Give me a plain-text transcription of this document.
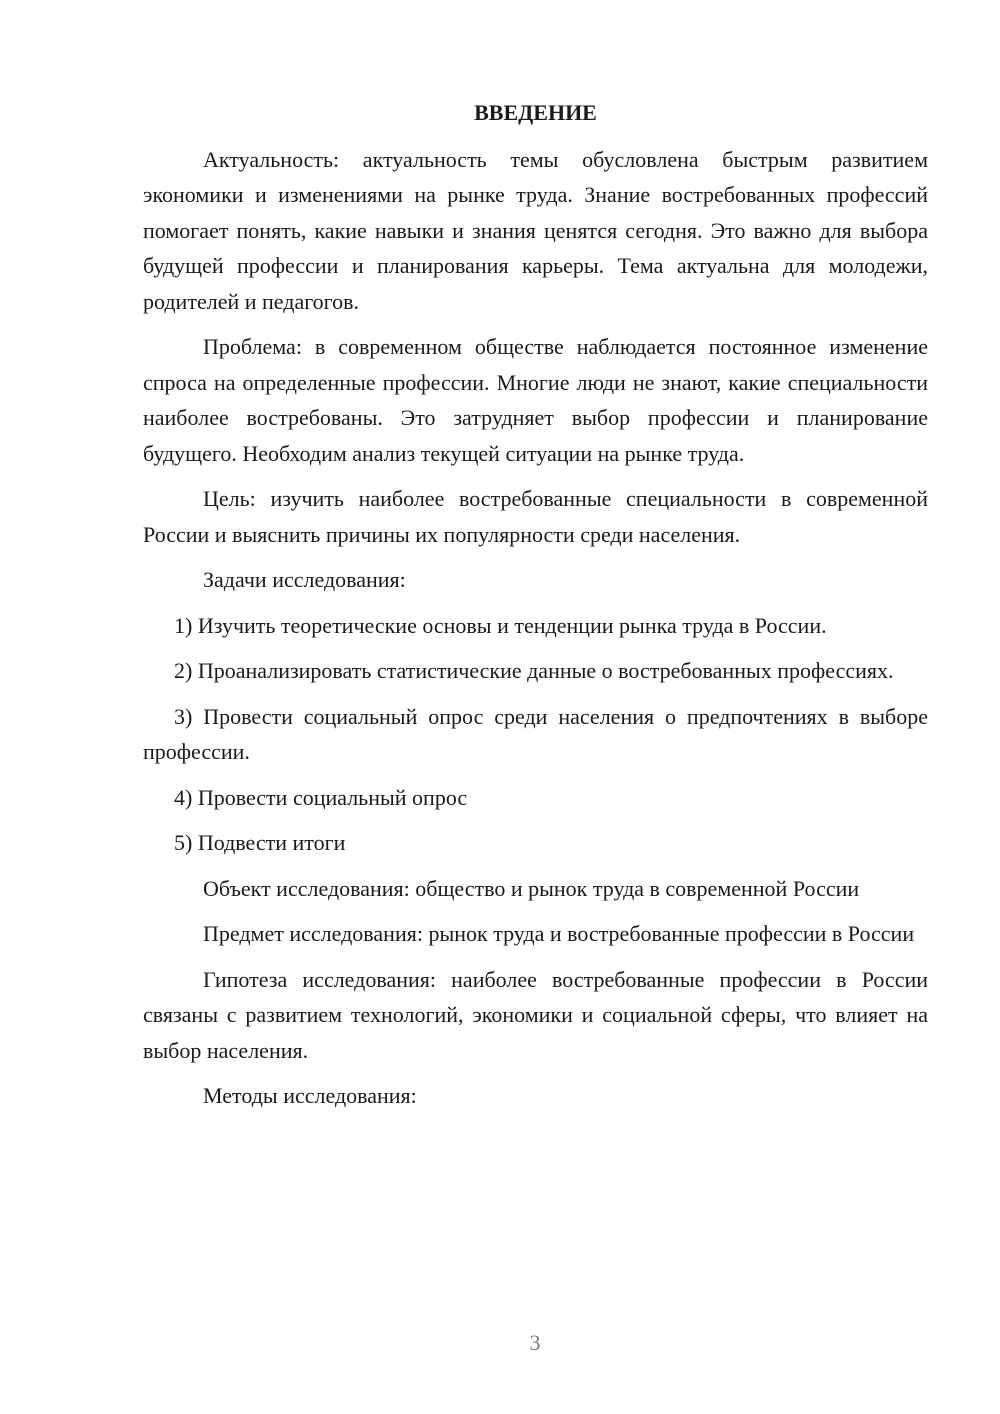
ВВЕДЕНИЕ

Актуальность: актуальность темы обусловлена быстрым развитием экономики и изменениями на рынке труда. Знание востребованных профессий помогает понять, какие навыки и знания ценятся сегодня. Это важно для выбора будущей профессии и планирования карьеры. Тема актуальна для молодежи, родителей и педагогов.

Проблема: в современном обществе наблюдается постоянное изменение спроса на определенные профессии. Многие люди не знают, какие специальности наиболее востребованы. Это затрудняет выбор профессии и планирование будущего. Необходим анализ текущей ситуации на рынке труда.

Цель: изучить наиболее востребованные специальности в современной России и выяснить причины их популярности среди населения.

Задачи исследования:

1) Изучить теоретические основы и тенденции рынка труда в России.

2) Проанализировать статистические данные о востребованных профессиях.

3) Провести социальный опрос среди населения о предпочтениях в выборе профессии.

4) Провести социальный опрос

5) Подвести итоги

Объект исследования: общество и рынок труда в современной России

Предмет исследования: рынок труда и востребованные профессии в России

Гипотеза исследования: наиболее востребованные профессии в России связаны с развитием технологий, экономики и социальной сферы, что влияет на выбор населения.

Методы исследования:

3
